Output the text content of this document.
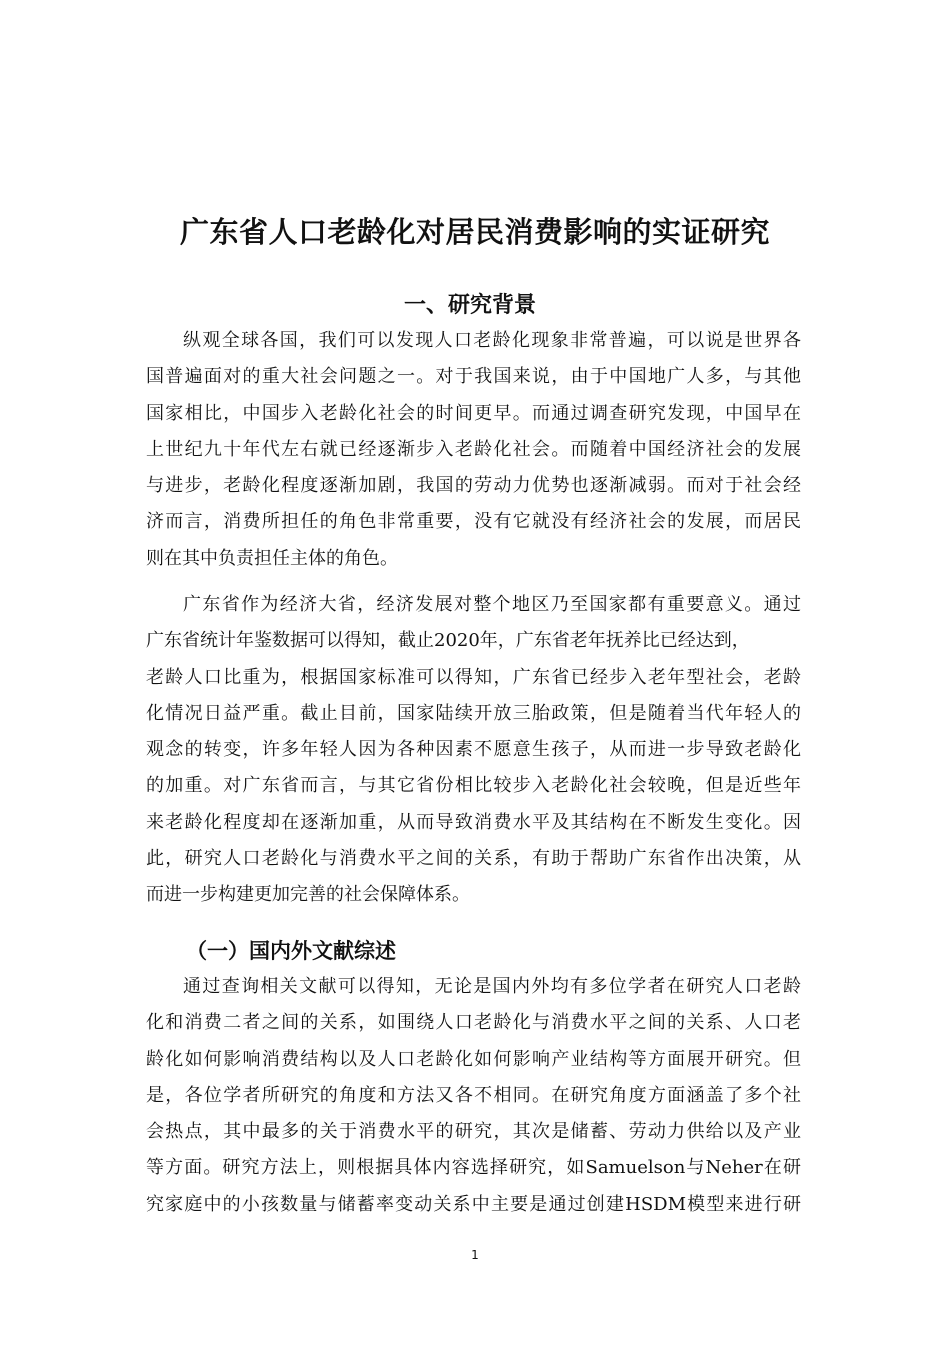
广东省人口老龄化对居民消费影响的实证研究
一、研究背景

纵观全球各国，我们可以发现人口老龄化现象非常普遍，可以说是世界各
国普遍面对的重大社会问题之一。对于我国来说，由于中国地广人多，与其他
国家相比，中国步入老龄化社会的时间更早。而通过调查研究发现，中国早在
上世纪九十年代左右就已经逐渐步入老龄化社会。而随着中国经济社会的发展
与进步，老龄化程度逐渐加剧，我国的劳动力优势也逐渐减弱。而对于社会经
济而言，消费所担任的角色非常重要，没有它就没有经济社会的发展，而居民
则在其中负责担任主体的角色。

广东省作为经济大省，经济发展对整个地区乃至国家都有重要意义。通过
广东省统计年鉴数据可以得知，截止2020年，广东省老年抚养比已经达到，
老龄人口比重为，根据国家标准可以得知，广东省已经步入老年型社会，老龄
化情况日益严重。截止目前，国家陆续开放三胎政策，但是随着当代年轻人的
观念的转变，许多年轻人因为各种因素不愿意生孩子，从而进一步导致老龄化
的加重。对广东省而言，与其它省份相比较步入老龄化社会较晚，但是近些年
来老龄化程度却在逐渐加重，从而导致消费水平及其结构在不断发生变化。因
此，研究人口老龄化与消费水平之间的关系，有助于帮助广东省作出决策，从
而进一步构建更加完善的社会保障体系。

（一）国内外文献综述

通过查询相关文献可以得知，无论是国内外均有多位学者在研究人口老龄
化和消费二者之间的关系，如围绕人口老龄化与消费水平之间的关系、人口老
龄化如何影响消费结构以及人口老龄化如何影响产业结构等方面展开研究。但
是，各位学者所研究的角度和方法又各不相同。在研究角度方面涵盖了多个社
会热点，其中最多的关于消费水平的研究，其次是储蓄、劳动力供给以及产业
等方面。研究方法上，则根据具体内容选择研究，如Samuelson与Neher在研
究家庭中的小孩数量与储蓄率变动关系中主要是通过创建HSDM模型来进行研

1
